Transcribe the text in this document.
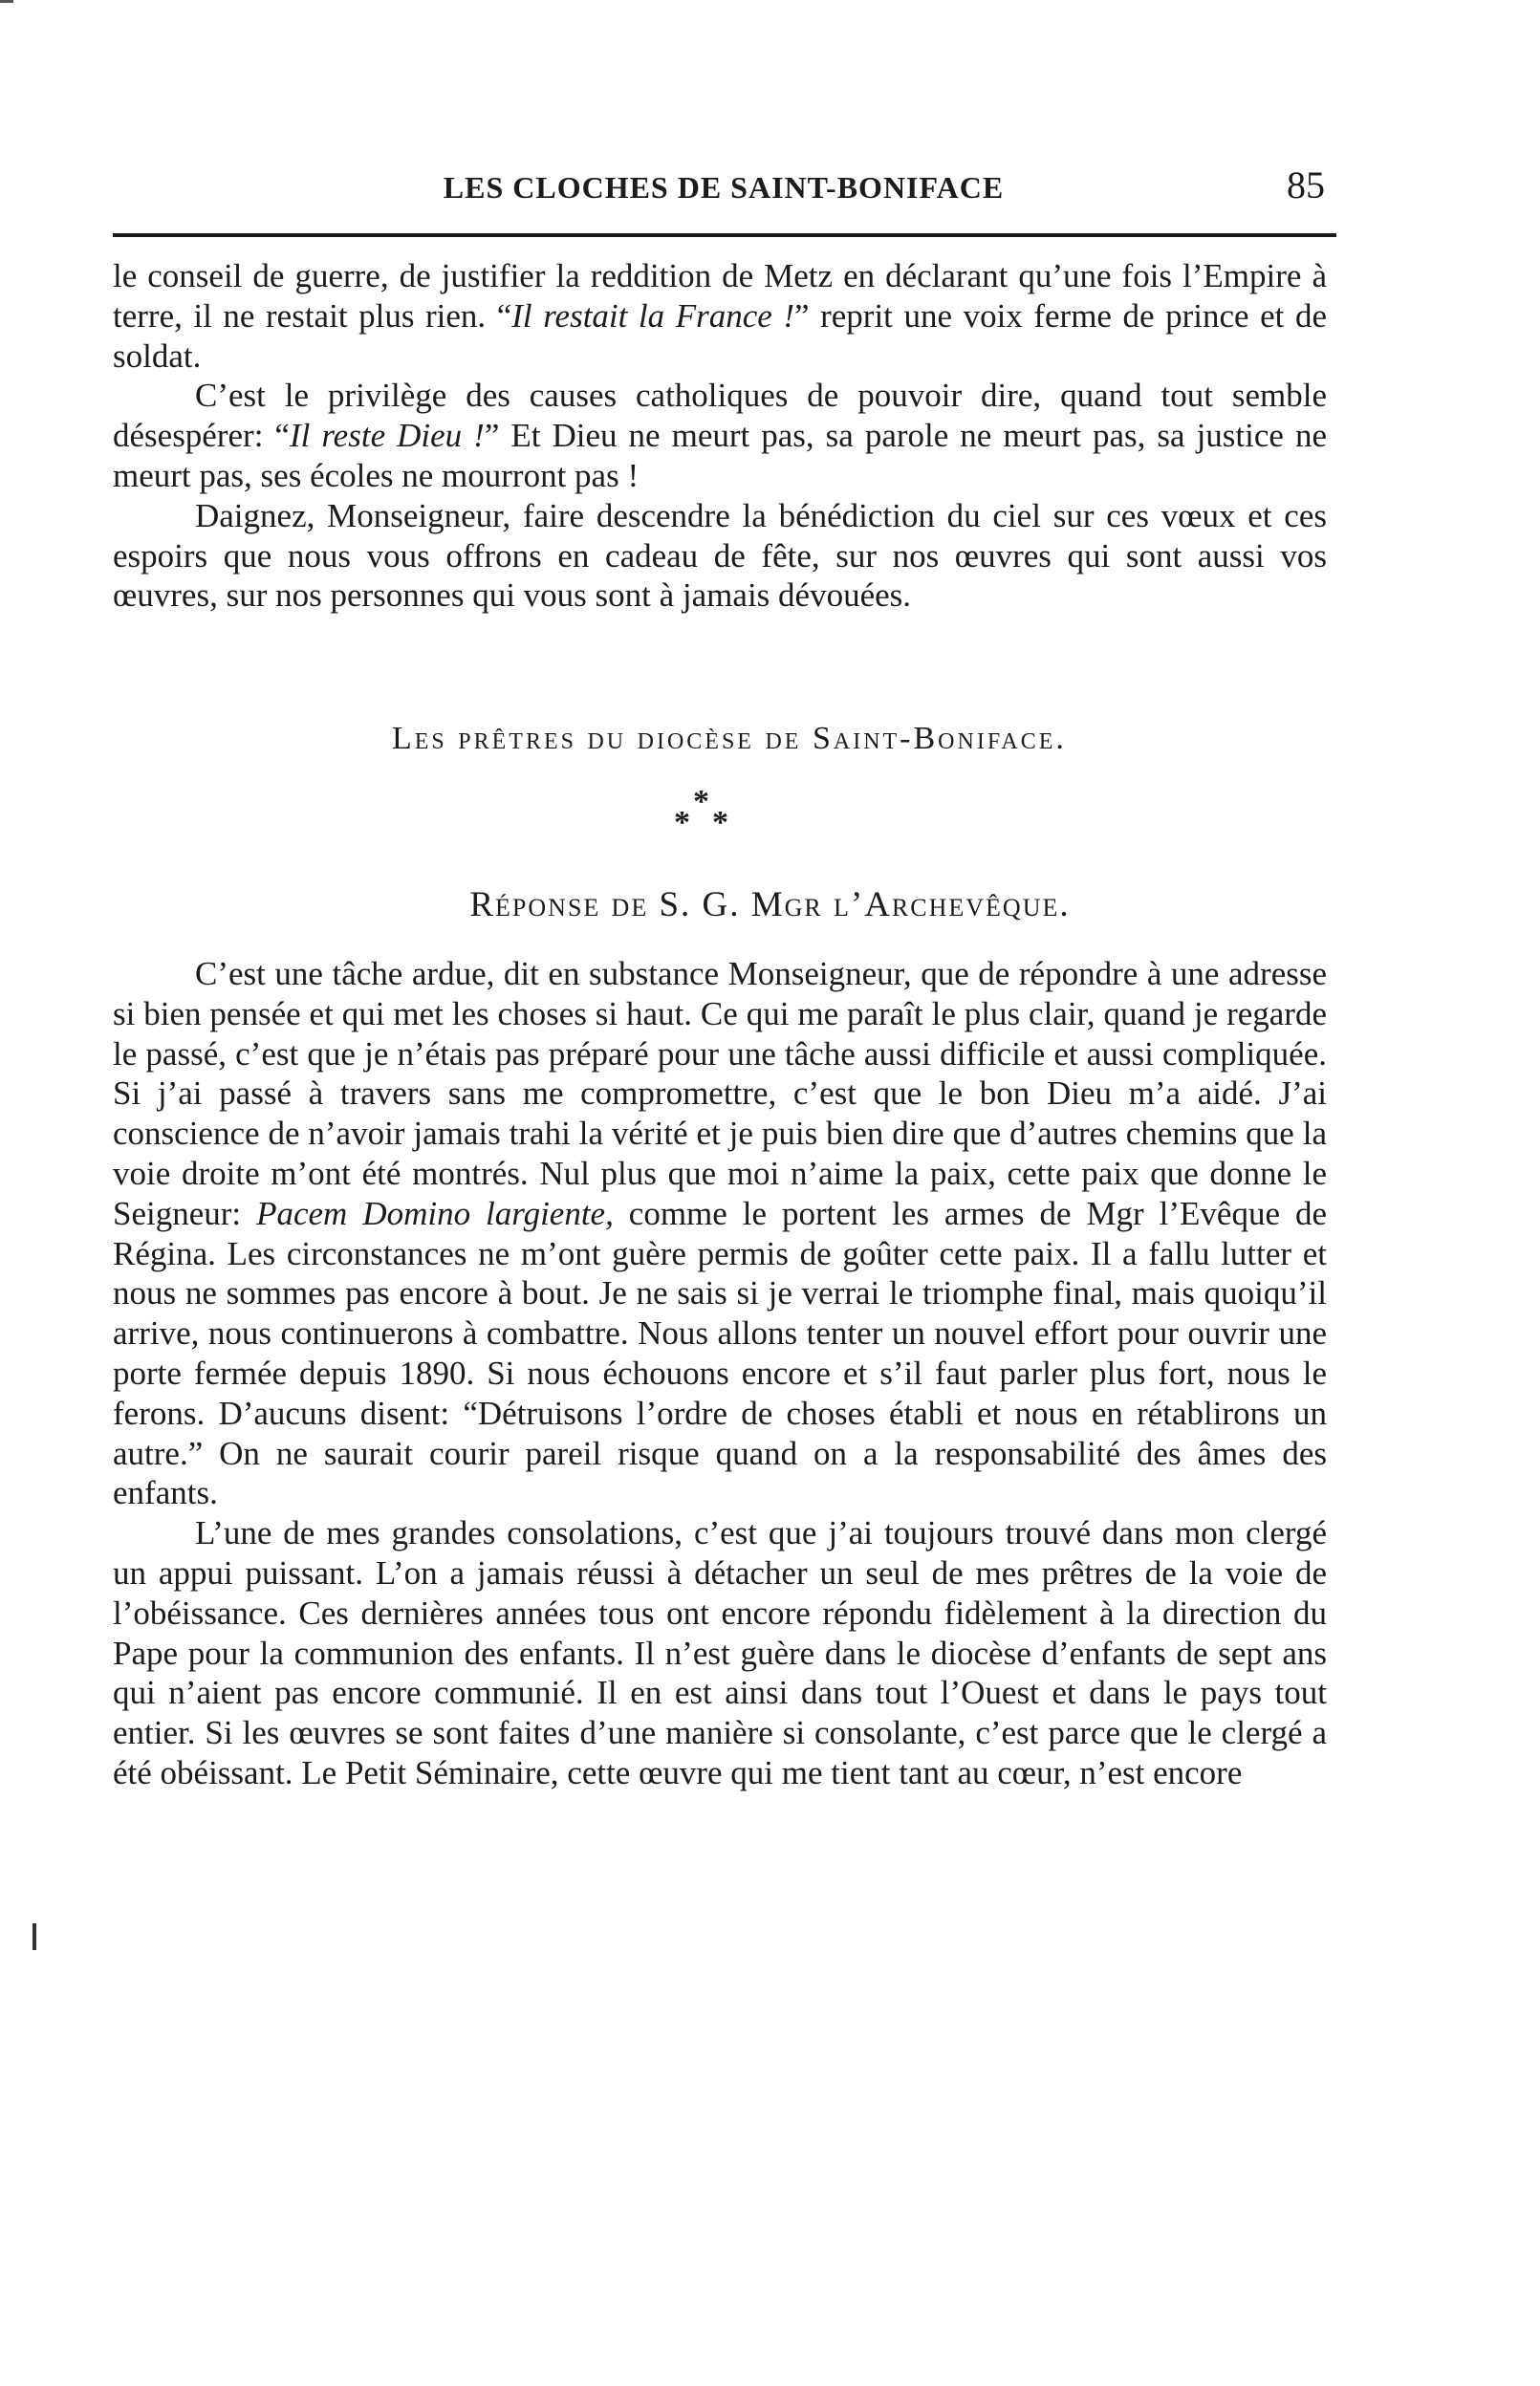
LES CLOCHES DE SAINT-BONIFACE	85

le conseil de guerre, de justifier la reddition de Metz en déclarant qu’une fois l’Empire à terre, il ne restait plus rien. “Il restait la France !” reprit une voix ferme de prince et de soldat.

C’est le privilège des causes catholiques de pouvoir dire, quand tout semble désespérer: “Il reste Dieu !” Et Dieu ne meurt pas, sa parole ne meurt pas, sa justice ne meurt pas, ses écoles ne mourront pas !

Daignez, Monseigneur, faire descendre la bénédiction du ciel sur ces vœux et ces espoirs que nous vous offrons en cadeau de fête, sur nos œuvres qui sont aussi vos œuvres, sur nos personnes qui vous sont à jamais dévouées.

Les prêtres du diocèse de Saint-Boniface.
*
* *
Réponse de S. G. Mgr l’Archevêque.

C’est une tâche ardue, dit en substance Monseigneur, que de répondre à une adresse si bien pensée et qui met les choses si haut. Ce qui me paraît le plus clair, quand je regarde le passé, c’est que je n’étais pas préparé pour une tâche aussi difficile et aussi compliquée. Si j’ai passé à travers sans me compromettre, c’est que le bon Dieu m’a aidé. J’ai conscience de n’avoir jamais trahi la vérité et je puis bien dire que d’autres chemins que la voie droite m’ont été montrés. Nul plus que moi n’aime la paix, cette paix que donne le Seigneur: Pacem Domino largiente, comme le portent les armes de Mgr l’Evêque de Régina. Les circonstances ne m’ont guère permis de goûter cette paix. Il a fallu lutter et nous ne sommes pas encore à bout. Je ne sais si je verrai le triomphe final, mais quoiqu’il arrive, nous continuerons à combattre. Nous allons tenter un nouvel effort pour ouvrir une porte fermée depuis 1890. Si nous échouons encore et s’il faut parler plus fort, nous le ferons. D’aucuns disent: “Détruisons l’ordre de choses établi et nous en rétablirons un autre.” On ne saurait courir pareil risque quand on a la responsabilité des âmes des enfants.

L’une de mes grandes consolations, c’est que j’ai toujours trouvé dans mon clergé un appui puissant. L’on a jamais réussi à détacher un seul de mes prêtres de la voie de l’obéissance. Ces dernières années tous ont encore répondu fidèlement à la direction du Pape pour la communion des enfants. Il n’est guère dans le diocèse d’enfants de sept ans qui n’aient pas encore communié. Il en est ainsi dans tout l’Ouest et dans le pays tout entier. Si les œuvres se sont faites d’une manière si consolante, c’est parce que le clergé a été obéissant. Le Petit Séminaire, cette œuvre qui me tient tant au cœur, n’est encore
